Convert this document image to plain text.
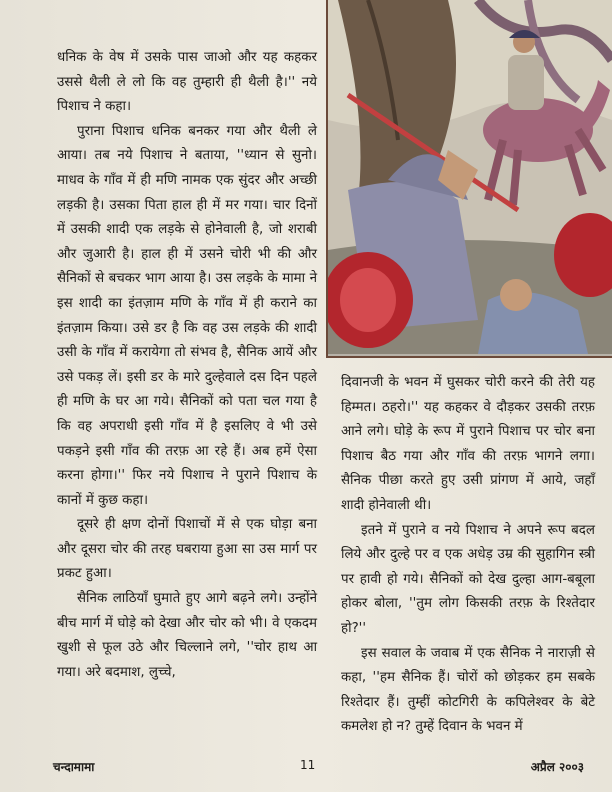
धनिक के वेष में उसके पास जाओ और यह कहकर उससे थैली ले लो कि वह तुम्हारी ही थैली है।'' नये पिशाच ने कहा।

पुराना पिशाच धनिक बनकर गया और थैली ले आया। तब नये पिशाच ने बताया, ''ध्यान से सुनो। माधव के गाँव में ही मणि नामक एक सुंदर और अच्छी लड़की है। उसका पिता हाल ही में मर गया। चार दिनों में उसकी शादी एक लड़के से होनेवाली है, जो शराबी और जुआरी है। हाल ही में उसने चोरी भी की और सैनिकों से बचकर भाग आया है। उस लड़के के मामा ने इस शादी का इंतज़ाम मणि के गाँव में ही कराने का इंतज़ाम किया। उसे डर है कि वह उस लड़के की शादी उसी के गाँव में करायेगा तो संभव है, सैनिक आयें और उसे पकड़ लें। इसी डर के मारे दुल्हेवाले दस दिन पहले ही मणि के घर आ गये। सैनिकों को पता चल गया है कि वह अपराधी इसी गाँव में है इसलिए वे भी उसे पकड़ने इसी गाँव की तरफ़ आ रहे हैं। अब हमें ऐसा करना होगा।'' फिर नये पिशाच ने पुराने पिशाच के कानों में कुछ कहा।

दूसरे ही क्षण दोनों पिशाचों में से एक घोड़ा बना और दूसरा चोर की तरह घबराया हुआ सा उस मार्ग पर प्रकट हुआ।

सैनिक लाठियाँ घुमाते हुए आगे बढ़ने लगे। उन्होंने बीच मार्ग में घोड़े को देखा और चोर को भी। वे एकदम खुशी से फूल उठे और चिल्लाने लगे, ''चोर हाथ आ गया। अरे बदमाश, लुच्चे,

दिवानजी के भवन में घुसकर चोरी करने की तेरी यह हिम्मत। ठहरो।'' यह कहकर वे दौड़कर उसकी तरफ़ आने लगे। घोड़े के रूप में पुराने पिशाच पर चोर बना पिशाच बैठ गया और गाँव की तरफ़ भागने लगा। सैनिक पीछा करते हुए उसी प्रांगण में आये, जहाँ शादी होनेवाली थी।

इतने में पुराने व नये पिशाच ने अपने रूप बदल लिये और दुल्हे पर व एक अधेड़ उम्र की सुहागिन स्त्री पर हावी हो गये। सैनिकों को देख दुल्हा आग-बबूला होकर बोला, ''तुम लोग किसकी तरफ़ के रिश्तेदार हो?''

इस सवाल के जवाब में एक सैनिक ने नाराज़ी से कहा, ''हम सैनिक हैं। चोरों को छोड़कर हम सबके रिश्तेदार हैं। तुम्हीं कोटगिरी के कपिलेश्वर के बेटे कमलेश हो न? तुम्हें दिवान के भवन में

चन्दामामा	11	अप्रैल २००३
